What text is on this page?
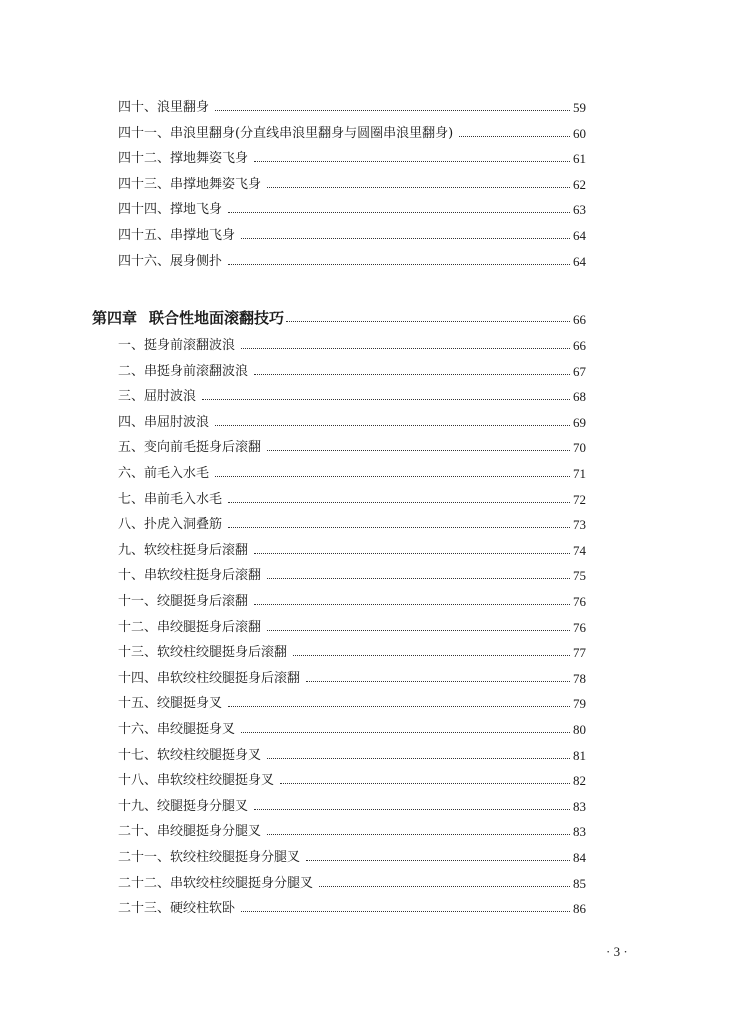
四十、浪里翻身	59
四十一、串浪里翻身(分直线串浪里翻身与圆圈串浪里翻身)	60
四十二、撑地舞姿飞身	61
四十三、串撑地舞姿飞身	62
四十四、撑地飞身	63
四十五、串撑地飞身	64
四十六、展身侧扑	64
第四章 联合性地面滚翻技巧	66
一、挺身前滚翻波浪	66
二、串挺身前滚翻波浪	67
三、屈肘波浪	68
四、串屈肘波浪	69
五、变向前毛挺身后滚翻	70
六、前毛入水毛	71
七、串前毛入水毛	72
八、扑虎入洞叠筋	73
九、软绞柱挺身后滚翻	74
十、串软绞柱挺身后滚翻	75
十一、绞腿挺身后滚翻	76
十二、串绞腿挺身后滚翻	76
十三、软绞柱绞腿挺身后滚翻	77
十四、串软绞柱绞腿挺身后滚翻	78
十五、绞腿挺身叉	79
十六、串绞腿挺身叉	80
十七、软绞柱绞腿挺身叉	81
十八、串软绞柱绞腿挺身叉	82
十九、绞腿挺身分腿叉	83
二十、串绞腿挺身分腿叉	83
二十一、软绞柱绞腿挺身分腿叉	84
二十二、串软绞柱绞腿挺身分腿叉	85
二十三、硬绞柱软卧	86
· 3 ·
